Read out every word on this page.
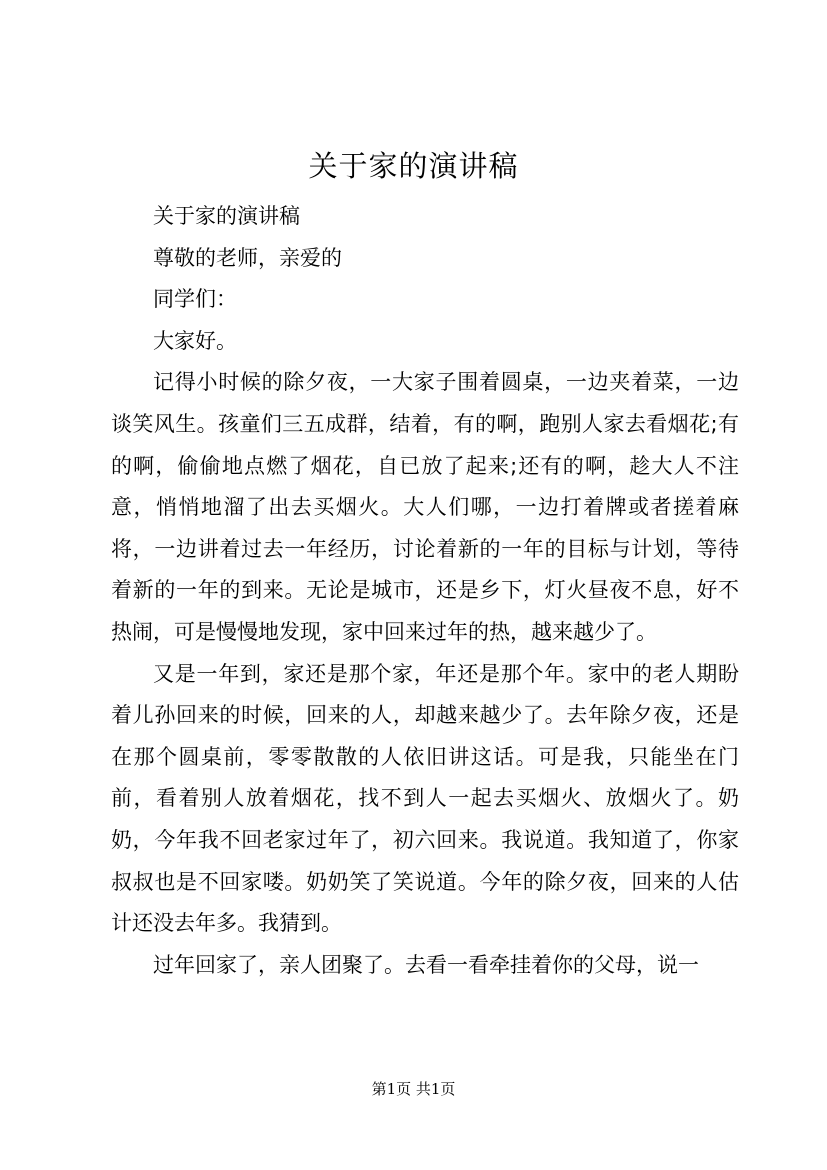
关于家的演讲稿

关于家的演讲稿

尊敬的老师，亲爱的

同学们：

大家好。

记得小时候的除夕夜，一大家子围着圆桌，一边夹着菜，一边谈笑风生。孩童们三五成群，结着，有的啊，跑别人家去看烟花;有的啊，偷偷地点燃了烟花，自已放了起来;还有的啊，趁大人不注意，悄悄地溜了出去买烟火。大人们哪，一边打着牌或者搓着麻将，一边讲着过去一年经历，讨论着新的一年的目标与计划，等待着新的一年的到来。无论是城市，还是乡下，灯火昼夜不息，好不热闹，可是慢慢地发现，家中回来过年的热，越来越少了。

又是一年到，家还是那个家，年还是那个年。家中的老人期盼着儿孙回来的时候，回来的人，却越来越少了。去年除夕夜，还是在那个圆桌前，零零散散的人依旧讲这话。可是我，只能坐在门前，看着别人放着烟花，找不到人一起去买烟火、放烟火了。奶奶，今年我不回老家过年了，初六回来。我说道。我知道了，你家叔叔也是不回家喽。奶奶笑了笑说道。今年的除夕夜，回来的人估计还没去年多。我猜到。

过年回家了，亲人团聚了。去看一看牵挂着你的父母，说一

第1页 共1页
